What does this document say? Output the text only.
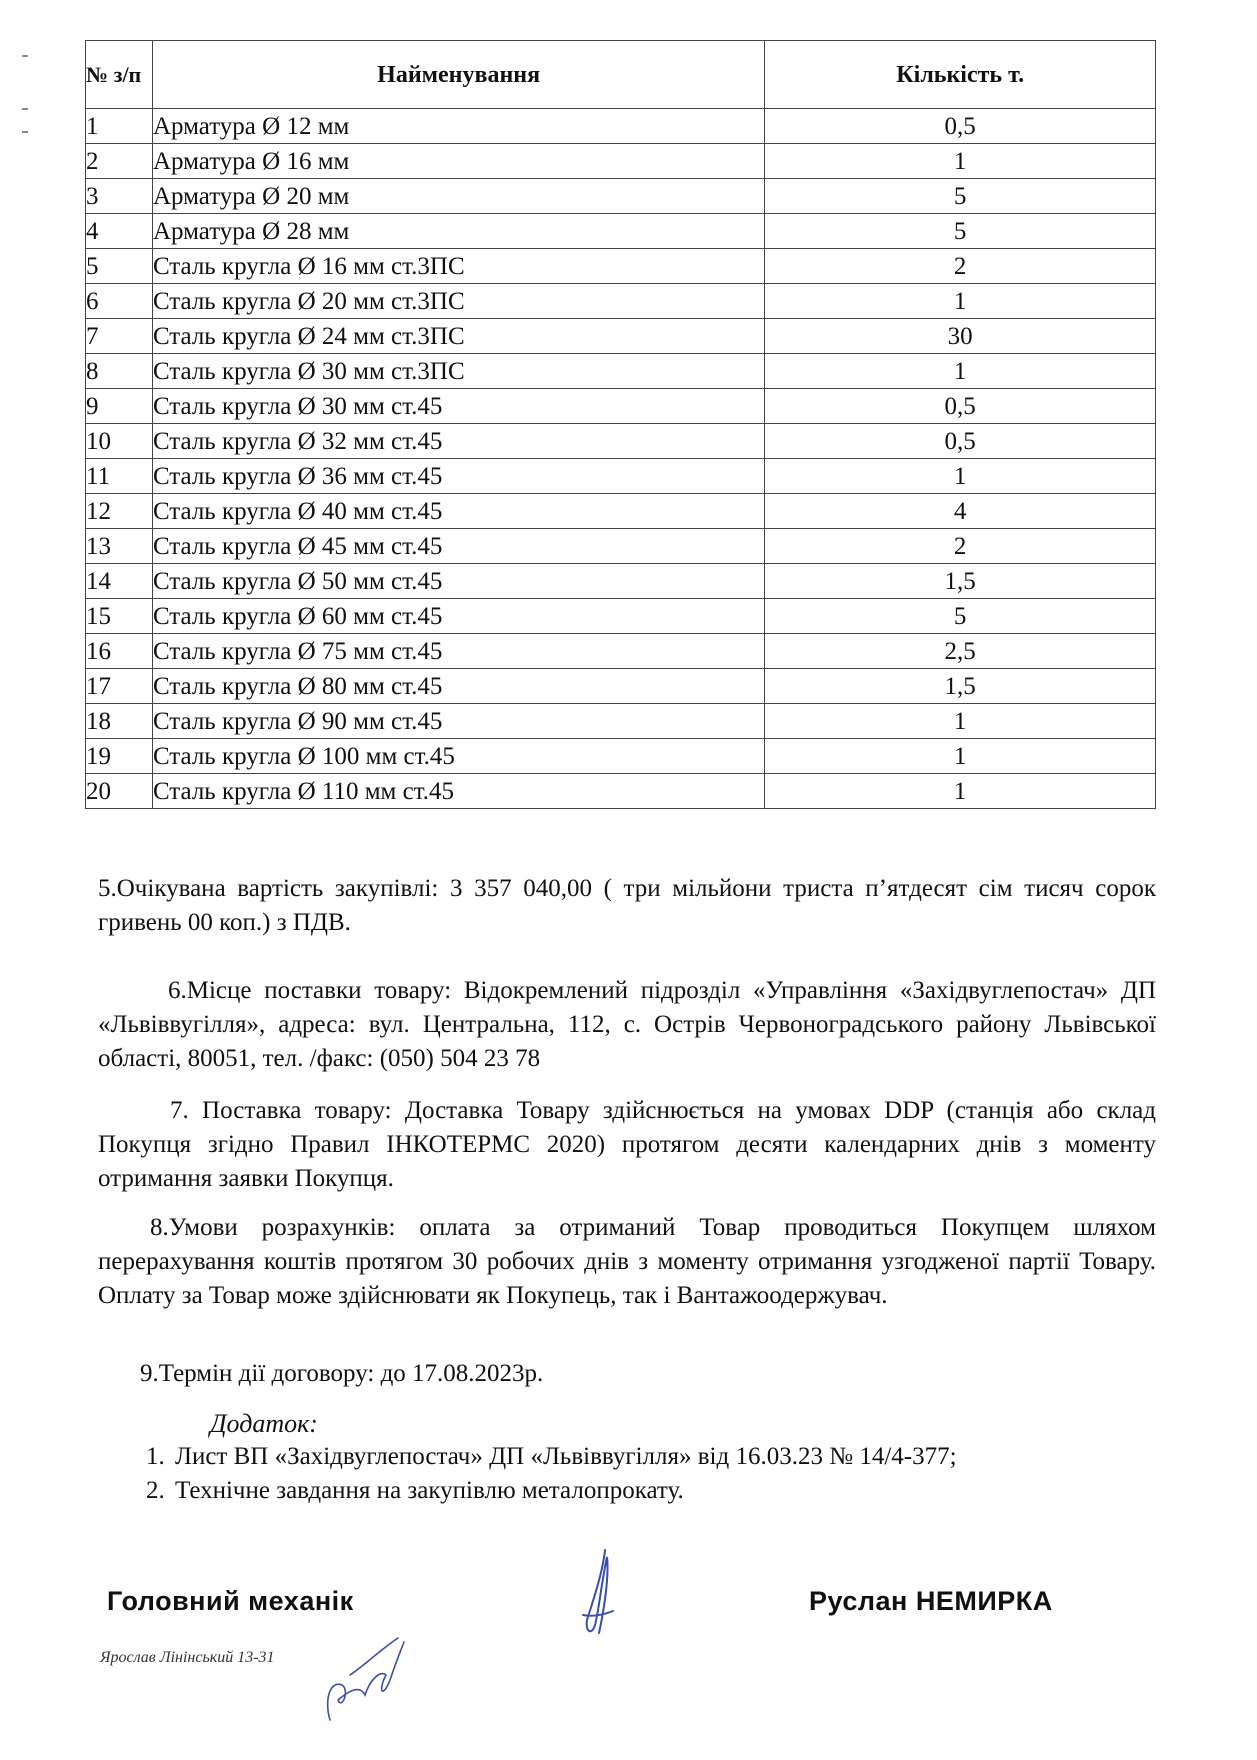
№ з/п	Найменування	Кількість т.
1	Арматура Ø 12 мм	0,5
2	Арматура Ø 16 мм	1
3	Арматура Ø 20 мм	5
4	Арматура Ø 28 мм	5
5	Сталь кругла Ø 16 мм ст.3ПС	2
6	Сталь кругла Ø 20 мм ст.3ПС	1
7	Сталь кругла Ø 24 мм ст.3ПС	30
8	Сталь кругла Ø 30 мм ст.3ПС	1
9	Сталь кругла Ø 30 мм ст.45	0,5
10	Сталь кругла Ø 32 мм ст.45	0,5
11	Сталь кругла Ø 36 мм ст.45	1
12	Сталь кругла Ø 40 мм ст.45	4
13	Сталь кругла Ø 45 мм ст.45	2
14	Сталь кругла Ø 50 мм ст.45	1,5
15	Сталь кругла Ø 60 мм ст.45	5
16	Сталь кругла Ø 75 мм ст.45	2,5
17	Сталь кругла Ø 80 мм ст.45	1,5
18	Сталь кругла Ø 90 мм ст.45	1
19	Сталь кругла Ø 100 мм ст.45	1
20	Сталь кругла Ø 110 мм ст.45	1

5.Очікувана вартість закупівлі: 3 357 040,00 ( три мільйони триста п’ятдесят сім тисяч сорок гривень 00 коп.) з ПДВ.

6.Місце поставки товару: Відокремлений підрозділ «Управління «Західвуглепостач» ДП «Львіввугілля», адреса: вул. Центральна, 112, с. Острів Червоноградського району Львівської області, 80051, тел. /факс: (050) 504 23 78

7. Поставка товару: Доставка Товару здійснюється на умовах DDP (станція або склад Покупця згідно Правил ІНКОТЕРМС 2020) протягом десяти календарних днів з моменту отримання заявки Покупця.

8.Умови розрахунків: оплата за отриманий Товар проводиться Покупцем шляхом перерахування коштів протягом 30 робочих днів з моменту отримання узгодженої партії Товару. Оплату за Товар може здійснювати як Покупець, так і Вантажоодержувач.

9.Термін дії договору: до 17.08.2023р.

Додаток:
1. Лист ВП «Західвуглепостач» ДП «Львіввугілля» від 16.03.23 № 14/4-377;
2. Технічне завдання на закупівлю металопрокату.
Головний механік	Руслан НЕМИРКА
Ярослав Лінінський 13-31
